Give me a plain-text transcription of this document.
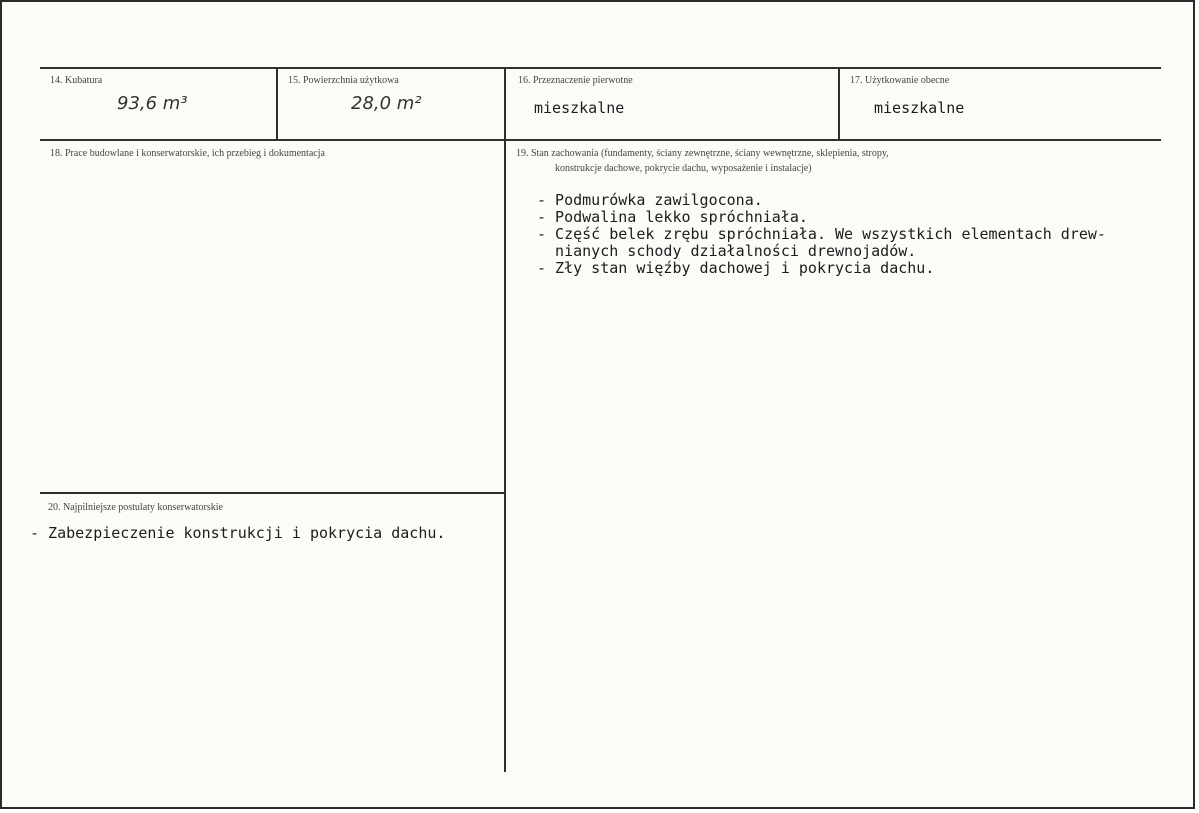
14. Kubatura
93,6 m³
15. Powierzchnia użytkowa
28,0 m²
16. Przeznaczenie pierwotne
mieszkalne
17. Użytkowanie obecne
mieszkalne
18. Prace budowlane i konserwatorskie, ich przebieg i dokumentacja	19. Stan zachowania (fundamenty, ściany zewnętrzne, ściany wewnętrzne, sklepienia, stropy,
konstrukcje dachowe, pokrycie dachu, wyposażenie i instalacje)
- Podmurówka zawilgocona.
- Podwalina lekko spróchniała.
- Część belek zrębu spróchniała. We wszystkich elementach drew-
nianych schody działalności drewnojadów.
- Zły stan więźby dachowej i pokrycia dachu.
20. Najpilniejsze postulaty konserwatorskie
- Zabezpieczenie konstrukcji i pokrycia dachu.
